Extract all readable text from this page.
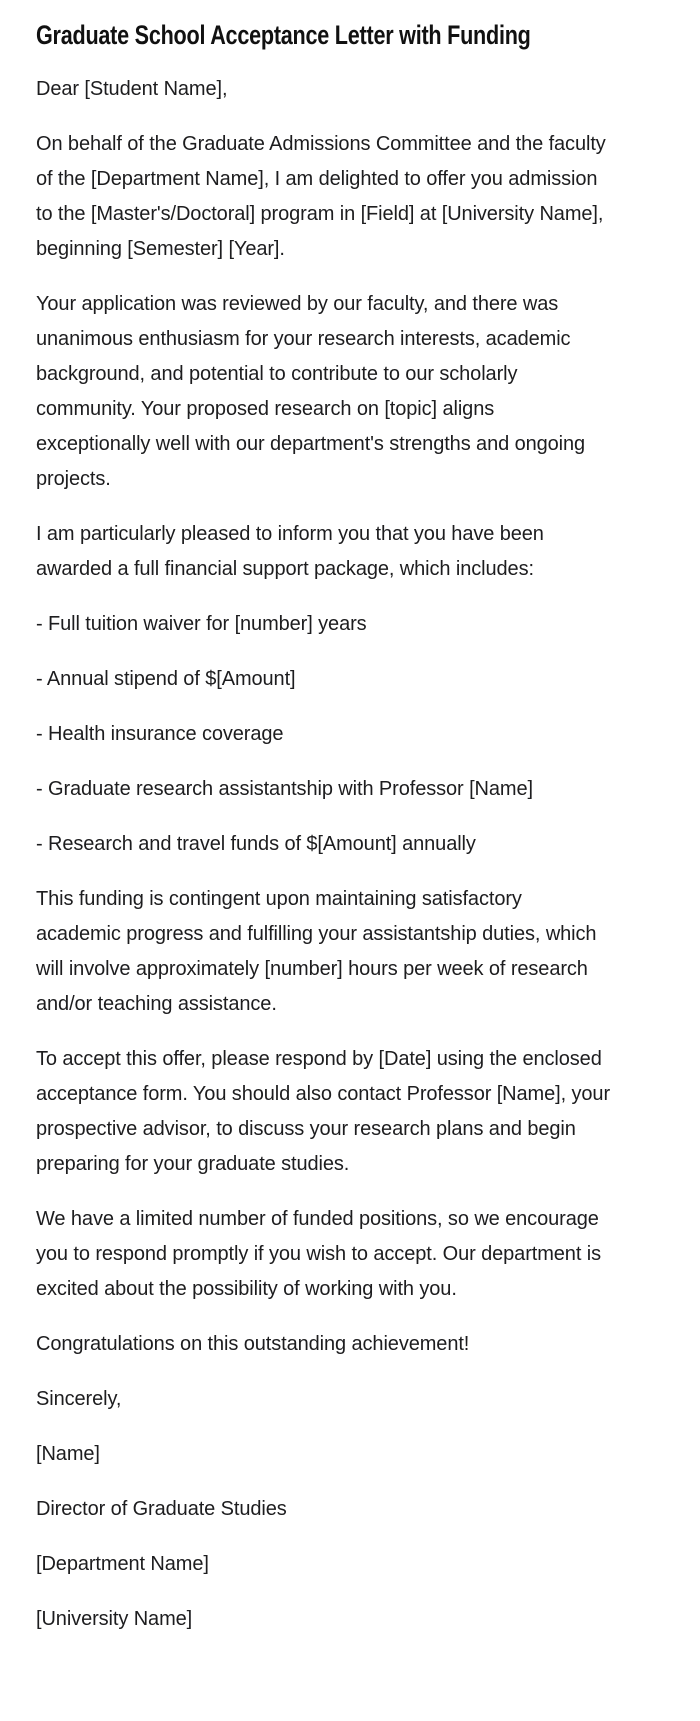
Graduate School Acceptance Letter with Funding

Dear [Student Name],

On behalf of the Graduate Admissions Committee and the faculty of the [Department Name], I am delighted to offer you admission to the [Master's/Doctoral] program in [Field] at [University Name], beginning [Semester] [Year].

Your application was reviewed by our faculty, and there was unanimous enthusiasm for your research interests, academic background, and potential to contribute to our scholarly community. Your proposed research on [topic] aligns exceptionally well with our department's strengths and ongoing projects.

I am particularly pleased to inform you that you have been awarded a full financial support package, which includes:

- Full tuition waiver for [number] years

- Annual stipend of $[Amount]

- Health insurance coverage

- Graduate research assistantship with Professor [Name]

- Research and travel funds of $[Amount] annually

This funding is contingent upon maintaining satisfactory academic progress and fulfilling your assistantship duties, which will involve approximately [number] hours per week of research and/or teaching assistance.

To accept this offer, please respond by [Date] using the enclosed acceptance form. You should also contact Professor [Name], your prospective advisor, to discuss your research plans and begin preparing for your graduate studies.

We have a limited number of funded positions, so we encourage you to respond promptly if you wish to accept. Our department is excited about the possibility of working with you.

Congratulations on this outstanding achievement!

Sincerely,

[Name]

Director of Graduate Studies

[Department Name]

[University Name]
